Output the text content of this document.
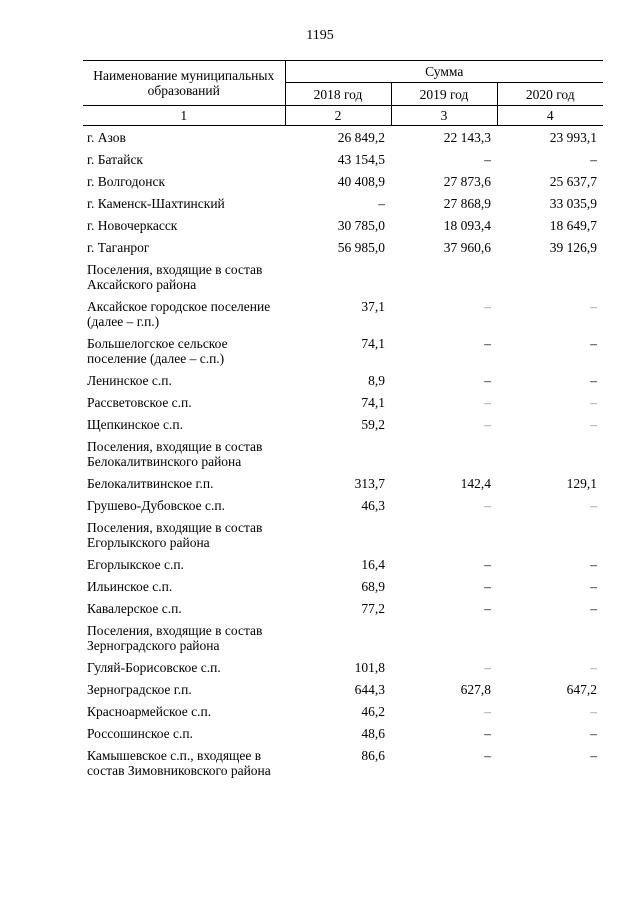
1195
Наименование муниципальных образований	Сумма		
	2018 год	2019 год	2020 год
1	2	3	4
г. Азов	26 849,2	22 143,3	23 993,1
г. Батайск	43 154,5	–	–
г. Волгодонск	40 408,9	27 873,6	25 637,7
г. Каменск-Шахтинский	–	27 868,9	33 035,9
г. Новочеркасск	30 785,0	18 093,4	18 649,7
г. Таганрог	56 985,0	37 960,6	39 126,9
Поселения, входящие в состав Аксайского района			
Аксайское городское поселение (далее – г.п.)	37,1	–	–
Большелогское сельское поселение (далее – с.п.)	74,1	–	–
Ленинское с.п.	8,9	–	–
Рассветовское с.п.	74,1	–	–
Щепкинское с.п.	59,2	–	–
Поселения, входящие в состав Белокалитвинского района			
Белокалитвинское г.п.	313,7	142,4	129,1
Грушево-Дубовское с.п.	46,3	–	–
Поселения, входящие в состав Егорлыкского района			
Егорлыкское с.п.	16,4	–	–
Ильинское с.п.	68,9	–	–
Кавалерское с.п.	77,2	–	–
Поселения, входящие в состав Зерноградского района			
Гуляй-Борисовское с.п.	101,8	–	–
Зерноградское г.п.	644,3	627,8	647,2
Красноармейское с.п.	46,2	–	–
Россошинское с.п.	48,6	–	–
Камышевское с.п., входящее в состав Зимовниковского района	86,6	–	–
